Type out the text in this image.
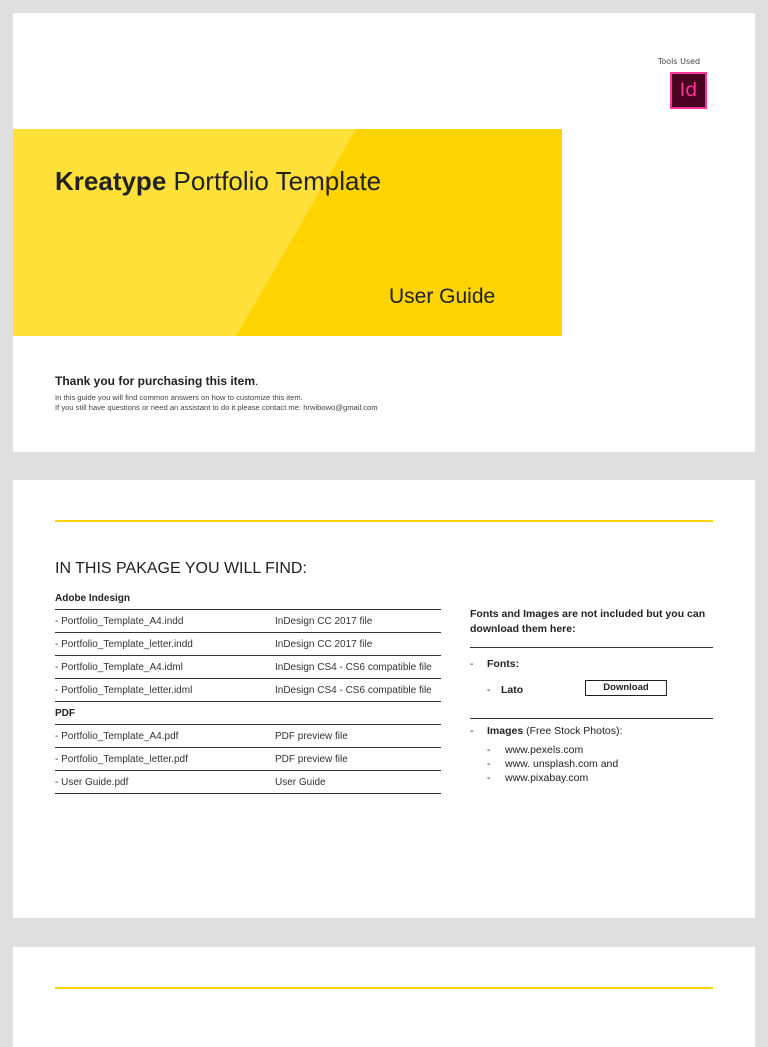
Tools Used
Id
Kreatype Portfolio Template
User Guide
Thank you for purchasing this item.
In this guide you will find common answers on how to customize this item.
If you still have questions or need an assistant to do it please contact me: hrwibowo@gmail.com
IN THIS PAKAGE YOU WILL FIND:
Adobe Indesign	
- Portfolio_Template_A4.indd	InDesign CC 2017 file
- Portfolio_Template_letter.indd	InDesign CC 2017 file
- Portfolio_Template_A4.idml	InDesign CS4 - CS6 compatible file
- Portfolio_Template_letter.idml	InDesign CS4 - CS6 compatible file
PDF	
- Portfolio_Template_A4.pdf	PDF preview file
- Portfolio_Template_letter.pdf	PDF preview file
- User Guide.pdf	User Guide
Fonts and Images are not included but you can download them here:
- Fonts:
- Lato	Download
- Images (Free Stock Photos):
- www.pexels.com
- www. unsplash.com and
- www.pixabay.com
